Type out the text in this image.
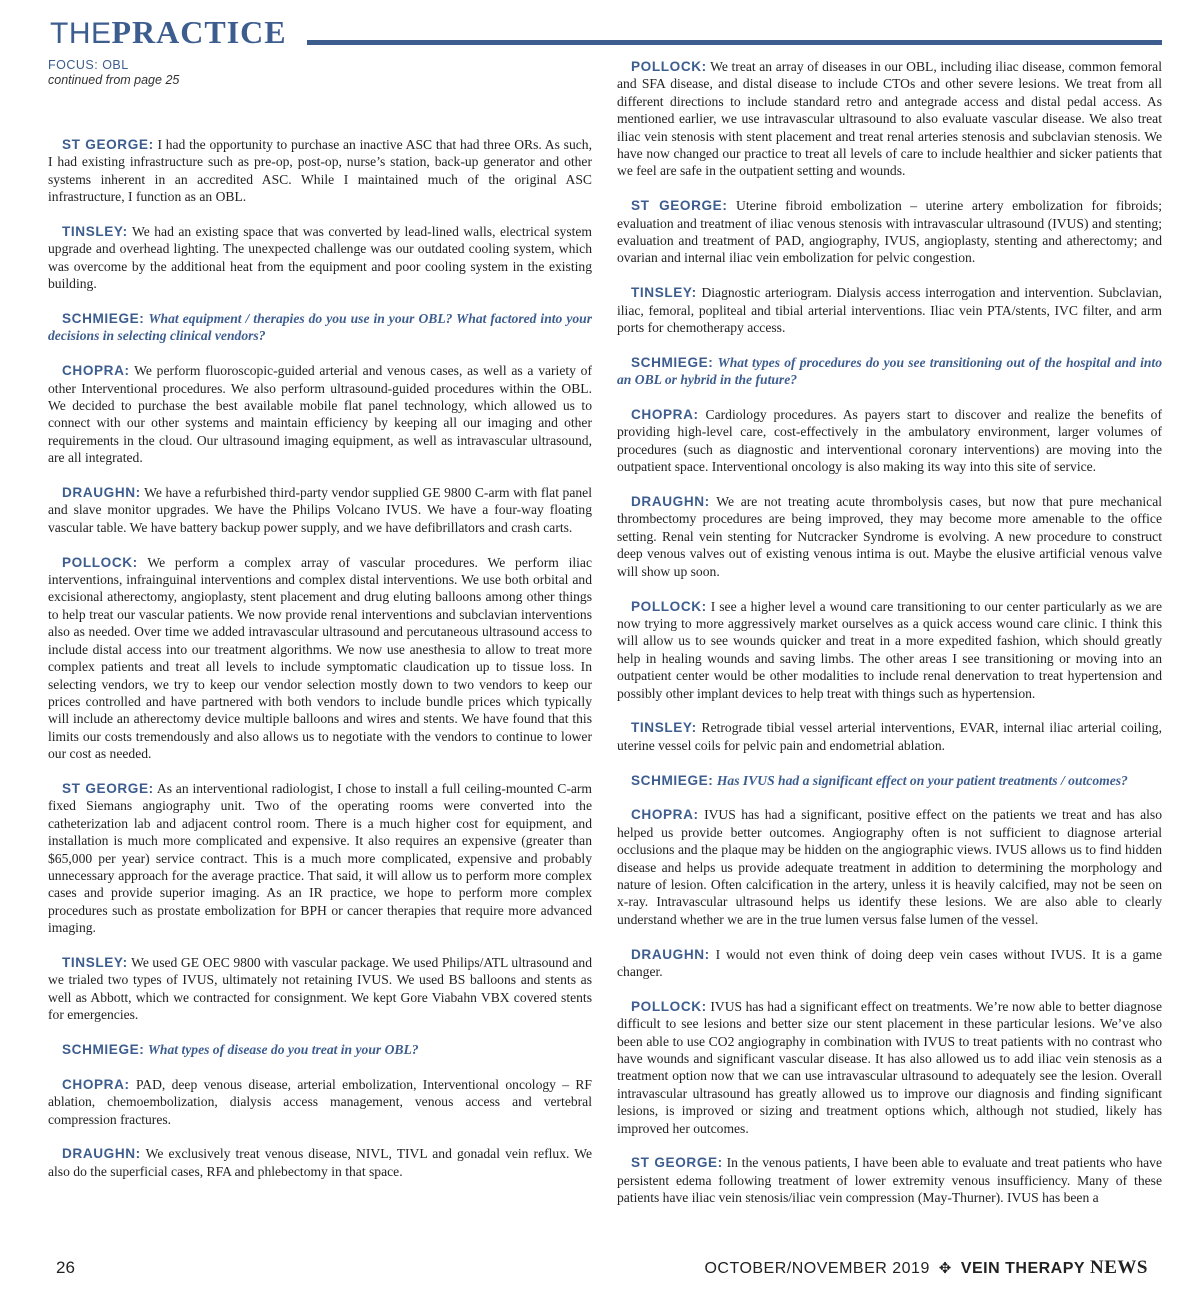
THEPRACTICE
FOCUS: OBL
continued from page 25

ST GEORGE: I had the opportunity to purchase an inactive ASC that had three ORs. As such, I had existing infrastructure such as pre-op, post-op, nurse’s station, back-up generator and other systems inherent in an accredited ASC. While I maintained much of the original ASC infrastructure, I function as an OBL.

TINSLEY: We had an existing space that was converted by lead-lined walls, electrical system upgrade and overhead lighting. The unexpected challenge was our outdated cooling system, which was overcome by the additional heat from the equipment and poor cooling system in the existing building.

SCHMIEGE: What equipment / therapies do you use in your OBL? What factored into your decisions in selecting clinical vendors?

CHOPRA: We perform fluoroscopic-guided arterial and venous cases, as well as a variety of other Interventional procedures. We also perform ultrasound-guided procedures within the OBL. We decided to purchase the best available mobile flat panel technology, which allowed us to connect with our other systems and maintain efficiency by keeping all our imaging and other requirements in the cloud. Our ultrasound imaging equipment, as well as intravascular ultrasound, are all integrated.

DRAUGHN: We have a refurbished third-party vendor supplied GE 9800 C-arm with flat panel and slave monitor upgrades. We have the Philips Volcano IVUS. We have a four-way floating vascular table. We have battery backup power supply, and we have defibrillators and crash carts.

POLLOCK: We perform a complex array of vascular procedures. We perform iliac interventions, infrainguinal interventions and complex distal interventions. We use both orbital and excisional atherectomy, angioplasty, stent placement and drug eluting balloons among other things to help treat our vascular patients. We now provide renal interventions and subclavian interventions also as needed. Over time we added intravascular ultrasound and percutaneous ultrasound access to include distal access into our treatment algorithms. We now use anesthesia to allow to treat more complex patients and treat all levels to include symptomatic claudication up to tissue loss. In selecting vendors, we try to keep our vendor selection mostly down to two vendors to keep our prices controlled and have partnered with both vendors to include bundle prices which typically will include an atherectomy device multiple balloons and wires and stents. We have found that this limits our costs tremendously and also allows us to negotiate with the vendors to continue to lower our cost as needed.

ST GEORGE: As an interventional radiologist, I chose to install a full ceiling-mounted C-arm fixed Siemans angiography unit. Two of the operating rooms were converted into the catheterization lab and adjacent control room. There is a much higher cost for equipment, and installation is much more complicated and expensive. It also requires an expensive (greater than $65,000 per year) service contract. This is a much more complicated, expensive and probably unnecessary approach for the average practice. That said, it will allow us to perform more complex cases and provide superior imaging. As an IR practice, we hope to perform more complex procedures such as prostate embolization for BPH or cancer therapies that require more advanced imaging.

TINSLEY: We used GE OEC 9800 with vascular package. We used Philips/ATL ultrasound and we trialed two types of IVUS, ultimately not retaining IVUS. We used BS balloons and stents as well as Abbott, which we contracted for consignment. We kept Gore Viabahn VBX covered stents for emergencies.

SCHMIEGE: What types of disease do you treat in your OBL?

CHOPRA: PAD, deep venous disease, arterial embolization, Interventional oncology – RF ablation, chemoembolization, dialysis access management, venous access and vertebral compression fractures.

DRAUGHN: We exclusively treat venous disease, NIVL, TIVL and gonadal vein reflux. We also do the superficial cases, RFA and phlebectomy in that space.

POLLOCK: We treat an array of diseases in our OBL, including iliac disease, common femoral and SFA disease, and distal disease to include CTOs and other severe lesions. We treat from all different directions to include standard retro and antegrade access and distal pedal access. As mentioned earlier, we use intravascular ultrasound to also evaluate vascular disease. We also treat iliac vein stenosis with stent placement and treat renal arteries stenosis and subclavian stenosis. We have now changed our practice to treat all levels of care to include healthier and sicker patients that we feel are safe in the outpatient setting and wounds.

ST GEORGE: Uterine fibroid embolization – uterine artery embolization for fibroids; evaluation and treatment of iliac venous stenosis with intravascular ultrasound (IVUS) and stenting; evaluation and treatment of PAD, angiography, IVUS, angioplasty, stenting and atherectomy; and ovarian and internal iliac vein embolization for pelvic congestion.

TINSLEY: Diagnostic arteriogram. Dialysis access interrogation and intervention. Subclavian, iliac, femoral, popliteal and tibial arterial interventions. Iliac vein PTA/stents, IVC filter, and arm ports for chemotherapy access.

SCHMIEGE: What types of procedures do you see transitioning out of the hospital and into an OBL or hybrid in the future?

CHOPRA: Cardiology procedures. As payers start to discover and realize the benefits of providing high-level care, cost-effectively in the ambulatory environment, larger volumes of procedures (such as diagnostic and interventional coronary interventions) are moving into the outpatient space. Interventional oncology is also making its way into this site of service.

DRAUGHN: We are not treating acute thrombolysis cases, but now that pure mechanical thrombectomy procedures are being improved, they may become more amenable to the office setting. Renal vein stenting for Nutcracker Syndrome is evolving. A new procedure to construct deep venous valves out of existing venous intima is out. Maybe the elusive artificial venous valve will show up soon.

POLLOCK: I see a higher level a wound care transitioning to our center particularly as we are now trying to more aggressively market ourselves as a quick access wound care clinic. I think this will allow us to see wounds quicker and treat in a more expedited fashion, which should greatly help in healing wounds and saving limbs. The other areas I see transitioning or moving into an outpatient center would be other modalities to include renal denervation to treat hypertension and possibly other implant devices to help treat with things such as hypertension.

TINSLEY: Retrograde tibial vessel arterial interventions, EVAR, internal iliac arterial coiling, uterine vessel coils for pelvic pain and endometrial ablation.

SCHMIEGE: Has IVUS had a significant effect on your patient treatments / outcomes?

CHOPRA: IVUS has had a significant, positive effect on the patients we treat and has also helped us provide better outcomes. Angiography often is not sufficient to diagnose arterial occlusions and the plaque may be hidden on the angiographic views. IVUS allows us to find hidden disease and helps us provide adequate treatment in addition to determining the morphology and nature of lesion. Often calcification in the artery, unless it is heavily calcified, may not be seen on x-ray. Intravascular ultrasound helps us identify these lesions. We are also able to clearly understand whether we are in the true lumen versus false lumen of the vessel.

DRAUGHN: I would not even think of doing deep vein cases without IVUS. It is a game changer.

POLLOCK: IVUS has had a significant effect on treatments. We’re now able to better diagnose difficult to see lesions and better size our stent placement in these particular lesions. We’ve also been able to use CO2 angiography in combination with IVUS to treat patients with no contrast who have wounds and significant vascular disease. It has also allowed us to add iliac vein stenosis as a treatment option now that we can use intravascular ultrasound to adequately see the lesion. Overall intravascular ultrasound has greatly allowed us to improve our diagnosis and finding significant lesions, is improved or sizing and treatment options which, although not studied, likely has improved her outcomes.

ST GEORGE: In the venous patients, I have been able to evaluate and treat patients who have persistent edema following treatment of lower extremity venous insufficiency. Many of these patients have iliac vein stenosis/iliac vein compression (May-Thurner). IVUS has been a

26	OCTOBER/NOVEMBER 2019 ✥ VEIN THERAPY NEWS
